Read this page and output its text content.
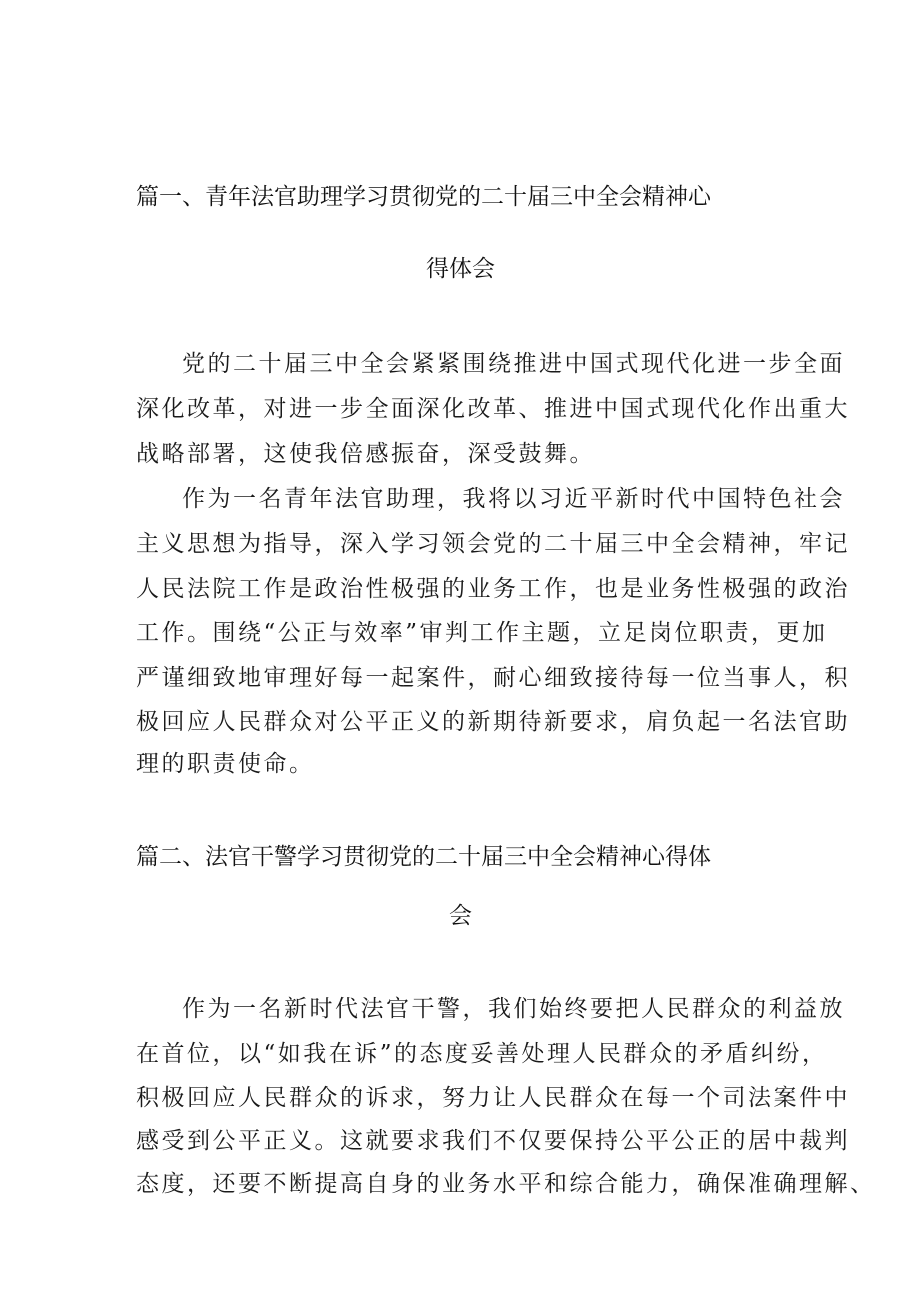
篇一、青年法官助理学习贯彻党的二十届三中全会精神心
得体会
党的二十届三中全会紧紧围绕推进中国式现代化进一步全面
深化改革，对进一步全面深化改革、推进中国式现代化作出重大
战略部署，这使我倍感振奋，深受鼓舞。
作为一名青年法官助理，我将以习近平新时代中国特色社会
主义思想为指导，深入学习领会党的二十届三中全会精神，牢记
人民法院工作是政治性极强的业务工作，也是业务性极强的政治
工作。围绕“公正与效率”审判工作主题，立足岗位职责，更加
严谨细致地审理好每一起案件，耐心细致接待每一位当事人，积
极回应人民群众对公平正义的新期待新要求，肩负起一名法官助
理的职责使命。
篇二、法官干警学习贯彻党的二十届三中全会精神心得体
会
作为一名新时代法官干警，我们始终要把人民群众的利益放
在首位，以“如我在诉”的态度妥善处理人民群众的矛盾纠纷，
积极回应人民群众的诉求，努力让人民群众在每一个司法案件中
感受到公平正义。这就要求我们不仅要保持公平公正的居中裁判
态度，还要不断提高自身的业务水平和综合能力，确保准确理解、
